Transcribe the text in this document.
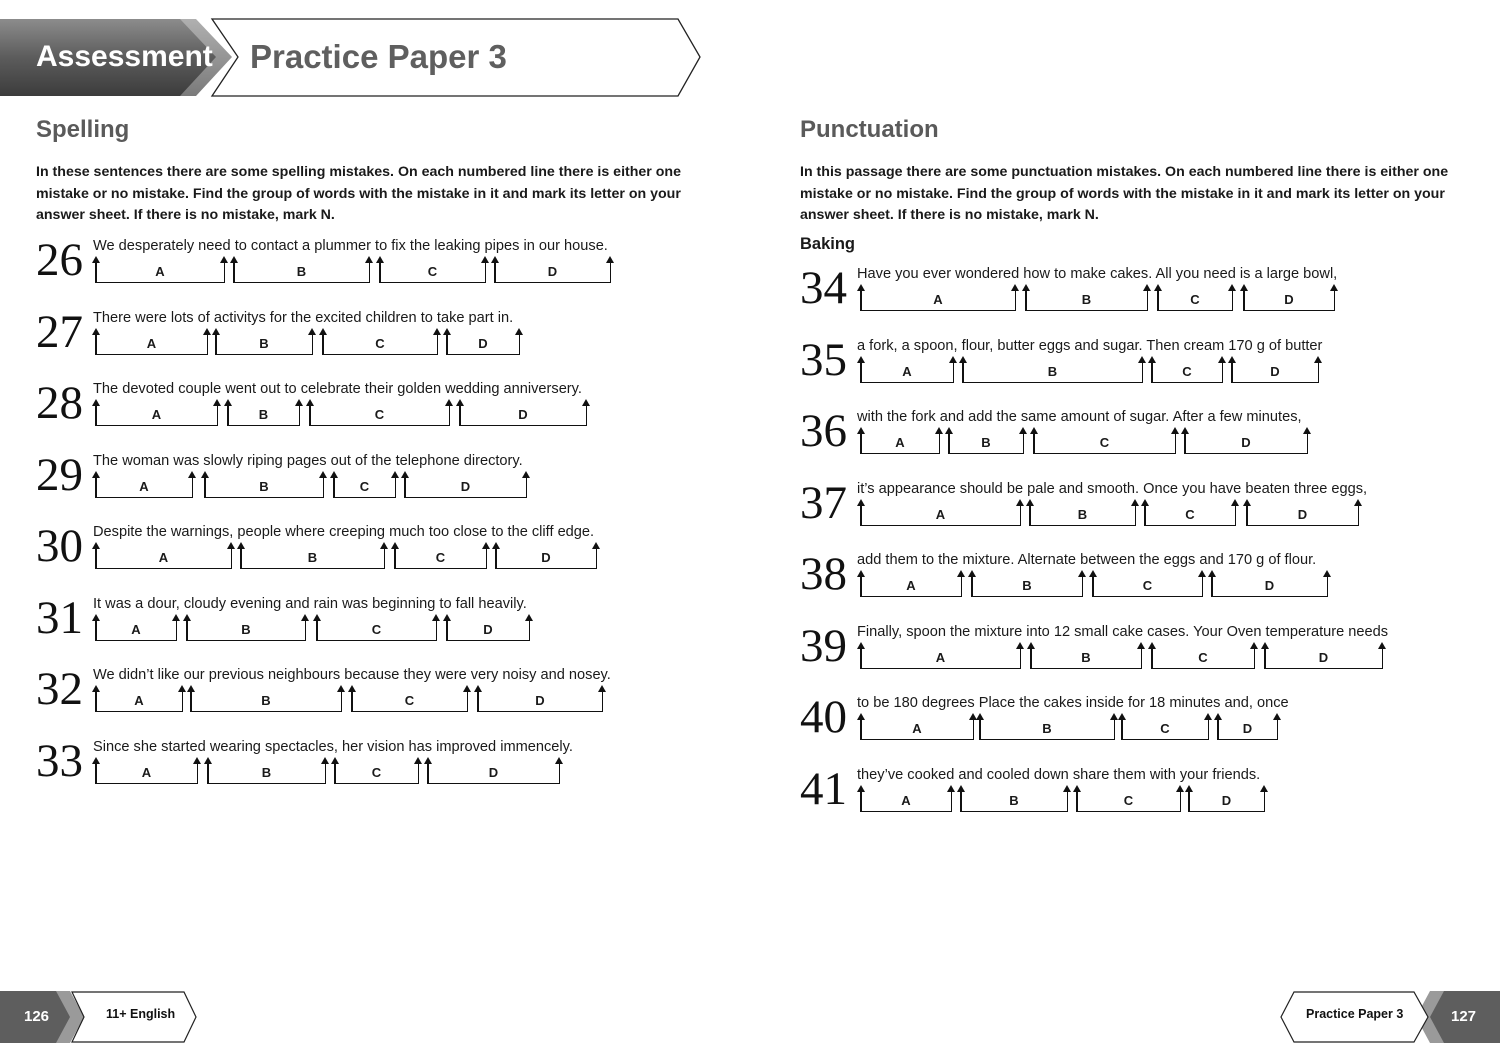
Assessment Practice Paper 3
Spelling

In these sentences there are some spelling mistakes. On each numbered line there is either one mistake or no mistake. Find the group of words with the mistake in it and mark its letter on your answer sheet. If there is no mistake, mark N.

26 We desperately need to contact a plummer to fix the leaking pipes in our house.
A	B	C	D
27 There were lots of activitys for the excited children to take part in.
A	B	C	D
28 The devoted couple went out to celebrate their golden wedding anniversery.
A	B	C	D
29 The woman was slowly riping pages out of the telephone directory.
A	B	C	D
30 Despite the warnings, people where creeping much too close to the cliff edge.
A	B	C	D
31 It was a dour, cloudy evening and rain was beginning to fall heavily.
A	B	C	D
32 We didn’t like our previous neighbours because they were very noisy and nosey.
A	B	C	D
33 Since she started wearing spectacles, her vision has improved immencely.
A	B	C	D
Punctuation

In this passage there are some punctuation mistakes. On each numbered line there is either one mistake or no mistake. Find the group of words with the mistake in it and mark its letter on your answer sheet. If there is no mistake, mark N.

Baking
34 Have you ever wondered how to make cakes. All you need is a large bowl,
A	B	C	D
35 a fork, a spoon, flour, butter eggs and sugar. Then cream 170 g of butter
A	B	C	D
36 with the fork and add the same amount of sugar. After a few minutes,
A	B	C	D
37 it’s appearance should be pale and smooth. Once you have beaten three eggs,
A	B	C	D
38 add them to the mixture. Alternate between the eggs and 170 g of flour.
A	B	C	D
39 Finally, spoon the mixture into 12 small cake cases. Your Oven temperature needs
A	B	C	D
40 to be 180 degrees Place the cakes inside for 18 minutes and, once
A	B	C	D
41 they’ve cooked and cooled down share them with your friends.
A	B	C	D
126	11+ English	Practice Paper 3	127
